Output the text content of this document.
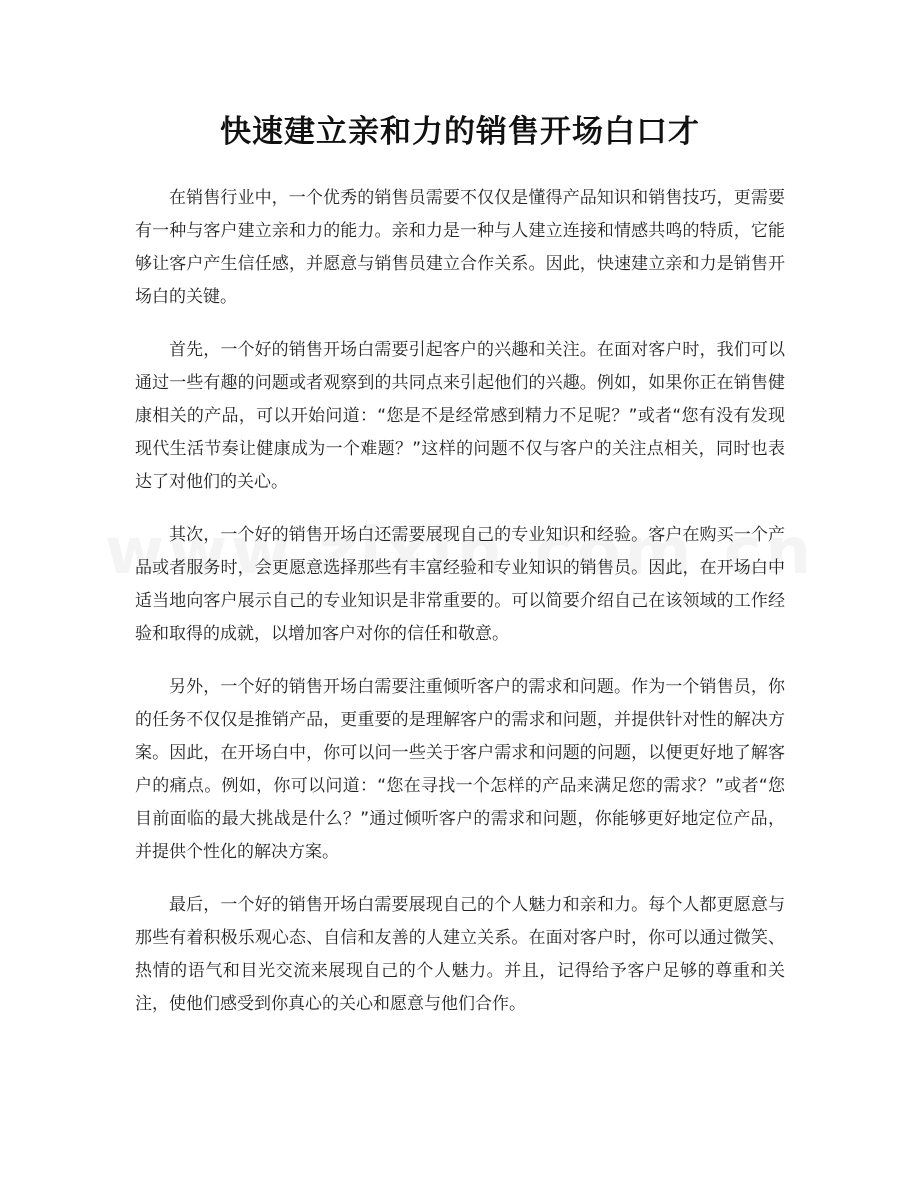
快速建立亲和力的销售开场白口才

在销售行业中，一个优秀的销售员需要不仅仅是懂得产品知识和销售技巧，更需要有一种与客户建立亲和力的能力。亲和力是一种与人建立连接和情感共鸣的特质，它能够让客户产生信任感，并愿意与销售员建立合作关系。因此，快速建立亲和力是销售开场白的关键。

首先，一个好的销售开场白需要引起客户的兴趣和关注。在面对客户时，我们可以通过一些有趣的问题或者观察到的共同点来引起他们的兴趣。例如，如果你正在销售健康相关的产品，可以开始问道：“您是不是经常感到精力不足呢？”或者“您有没有发现现代生活节奏让健康成为一个难题？”这样的问题不仅与客户的关注点相关，同时也表达了对他们的关心。

其次，一个好的销售开场白还需要展现自己的专业知识和经验。客户在购买一个产品或者服务时，会更愿意选择那些有丰富经验和专业知识的销售员。因此，在开场白中适当地向客户展示自己的专业知识是非常重要的。可以简要介绍自己在该领域的工作经验和取得的成就，以增加客户对你的信任和敬意。

另外，一个好的销售开场白需要注重倾听客户的需求和问题。作为一个销售员，你的任务不仅仅是推销产品，更重要的是理解客户的需求和问题，并提供针对性的解决方案。因此，在开场白中，你可以问一些关于客户需求和问题的问题，以便更好地了解客户的痛点。例如，你可以问道：“您在寻找一个怎样的产品来满足您的需求？”或者“您目前面临的最大挑战是什么？”通过倾听客户的需求和问题，你能够更好地定位产品，并提供个性化的解决方案。

最后，一个好的销售开场白需要展现自己的个人魅力和亲和力。每个人都更愿意与那些有着积极乐观心态、自信和友善的人建立关系。在面对客户时，你可以通过微笑、热情的语气和目光交流来展现自己的个人魅力。并且，记得给予客户足够的尊重和关注，使他们感受到你真心的关心和愿意与他们合作。
